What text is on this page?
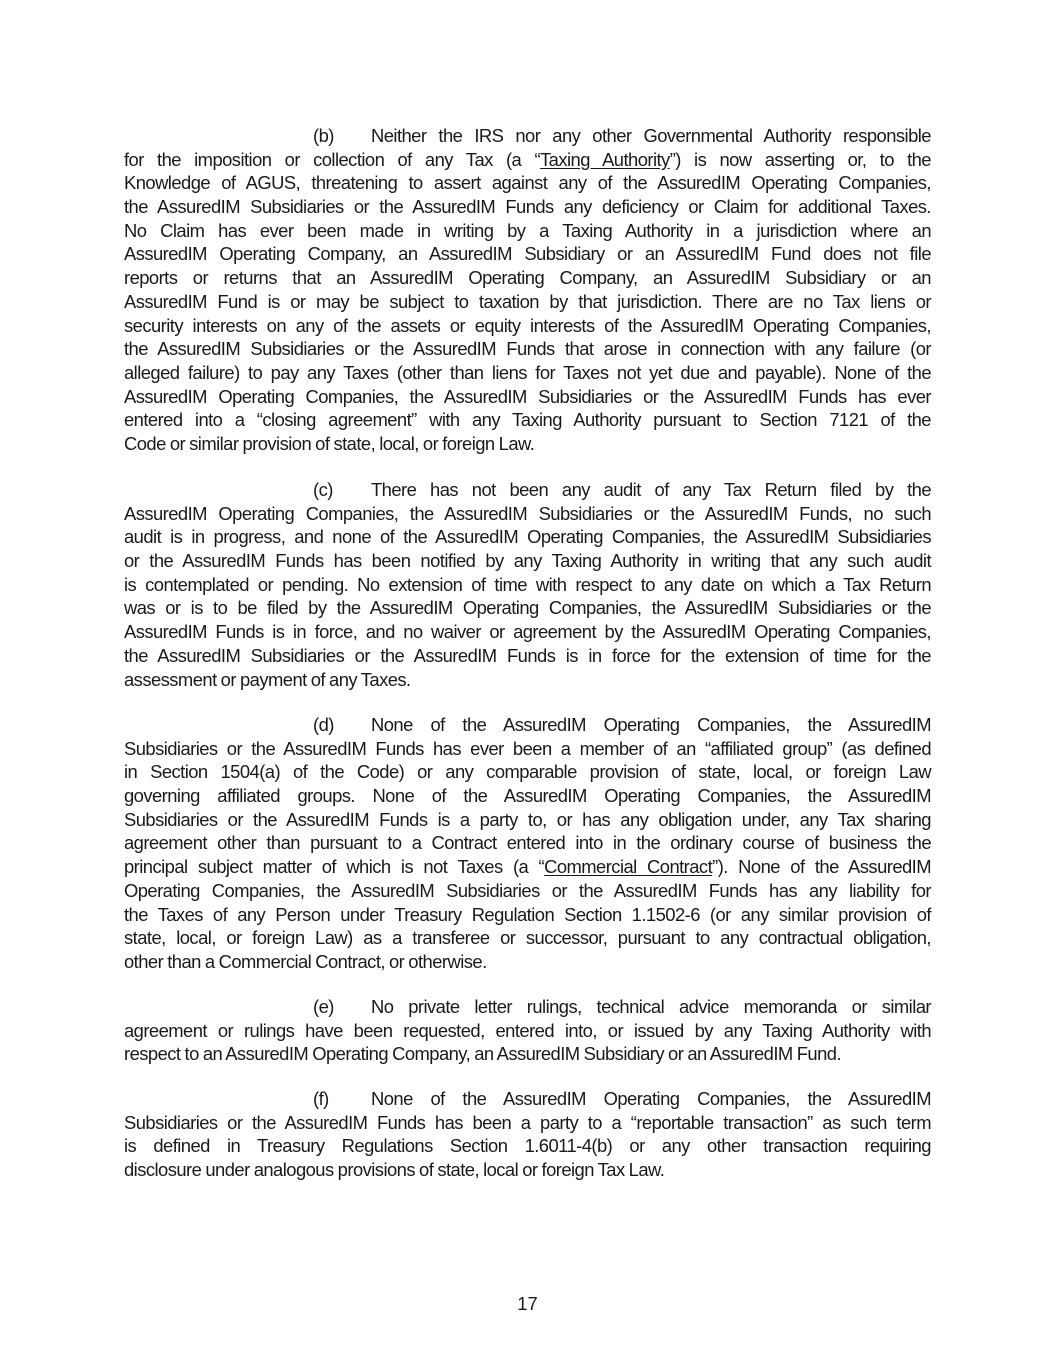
(b) Neither the IRS nor any other Governmental Authority responsible
for the imposition or collection of any Tax (a “Taxing Authority”) is now asserting or, to the
Knowledge of AGUS, threatening to assert against any of the AssuredIM Operating Companies,
the AssuredIM Subsidiaries or the AssuredIM Funds any deficiency or Claim for additional Taxes.
No Claim has ever been made in writing by a Taxing Authority in a jurisdiction where an
AssuredIM Operating Company, an AssuredIM Subsidiary or an AssuredIM Fund does not file
reports or returns that an AssuredIM Operating Company, an AssuredIM Subsidiary or an
AssuredIM Fund is or may be subject to taxation by that jurisdiction. There are no Tax liens or
security interests on any of the assets or equity interests of the AssuredIM Operating Companies,
the AssuredIM Subsidiaries or the AssuredIM Funds that arose in connection with any failure (or
alleged failure) to pay any Taxes (other than liens for Taxes not yet due and payable). None of the
AssuredIM Operating Companies, the AssuredIM Subsidiaries or the AssuredIM Funds has ever
entered into a “closing agreement” with any Taxing Authority pursuant to Section 7121 of the
Code or similar provision of state, local, or foreign Law.
(c) There has not been any audit of any Tax Return filed by the
AssuredIM Operating Companies, the AssuredIM Subsidiaries or the AssuredIM Funds, no such
audit is in progress, and none of the AssuredIM Operating Companies, the AssuredIM Subsidiaries
or the AssuredIM Funds has been notified by any Taxing Authority in writing that any such audit
is contemplated or pending. No extension of time with respect to any date on which a Tax Return
was or is to be filed by the AssuredIM Operating Companies, the AssuredIM Subsidiaries or the
AssuredIM Funds is in force, and no waiver or agreement by the AssuredIM Operating Companies,
the AssuredIM Subsidiaries or the AssuredIM Funds is in force for the extension of time for the
assessment or payment of any Taxes.
(d) None of the AssuredIM Operating Companies, the AssuredIM
Subsidiaries or the AssuredIM Funds has ever been a member of an “affiliated group” (as defined
in Section 1504(a) of the Code) or any comparable provision of state, local, or foreign Law
governing affiliated groups. None of the AssuredIM Operating Companies, the AssuredIM
Subsidiaries or the AssuredIM Funds is a party to, or has any obligation under, any Tax sharing
agreement other than pursuant to a Contract entered into in the ordinary course of business the
principal subject matter of which is not Taxes (a “Commercial Contract”). None of the AssuredIM
Operating Companies, the AssuredIM Subsidiaries or the AssuredIM Funds has any liability for
the Taxes of any Person under Treasury Regulation Section 1.1502-6 (or any similar provision of
state, local, or foreign Law) as a transferee or successor, pursuant to any contractual obligation,
other than a Commercial Contract, or otherwise.
(e) No private letter rulings, technical advice memoranda or similar
agreement or rulings have been requested, entered into, or issued by any Taxing Authority with
respect to an AssuredIM Operating Company, an AssuredIM Subsidiary or an AssuredIM Fund.
(f) None of the AssuredIM Operating Companies, the AssuredIM
Subsidiaries or the AssuredIM Funds has been a party to a “reportable transaction” as such term
is defined in Treasury Regulations Section 1.6011-4(b) or any other transaction requiring
disclosure under analogous provisions of state, local or foreign Tax Law.
17
